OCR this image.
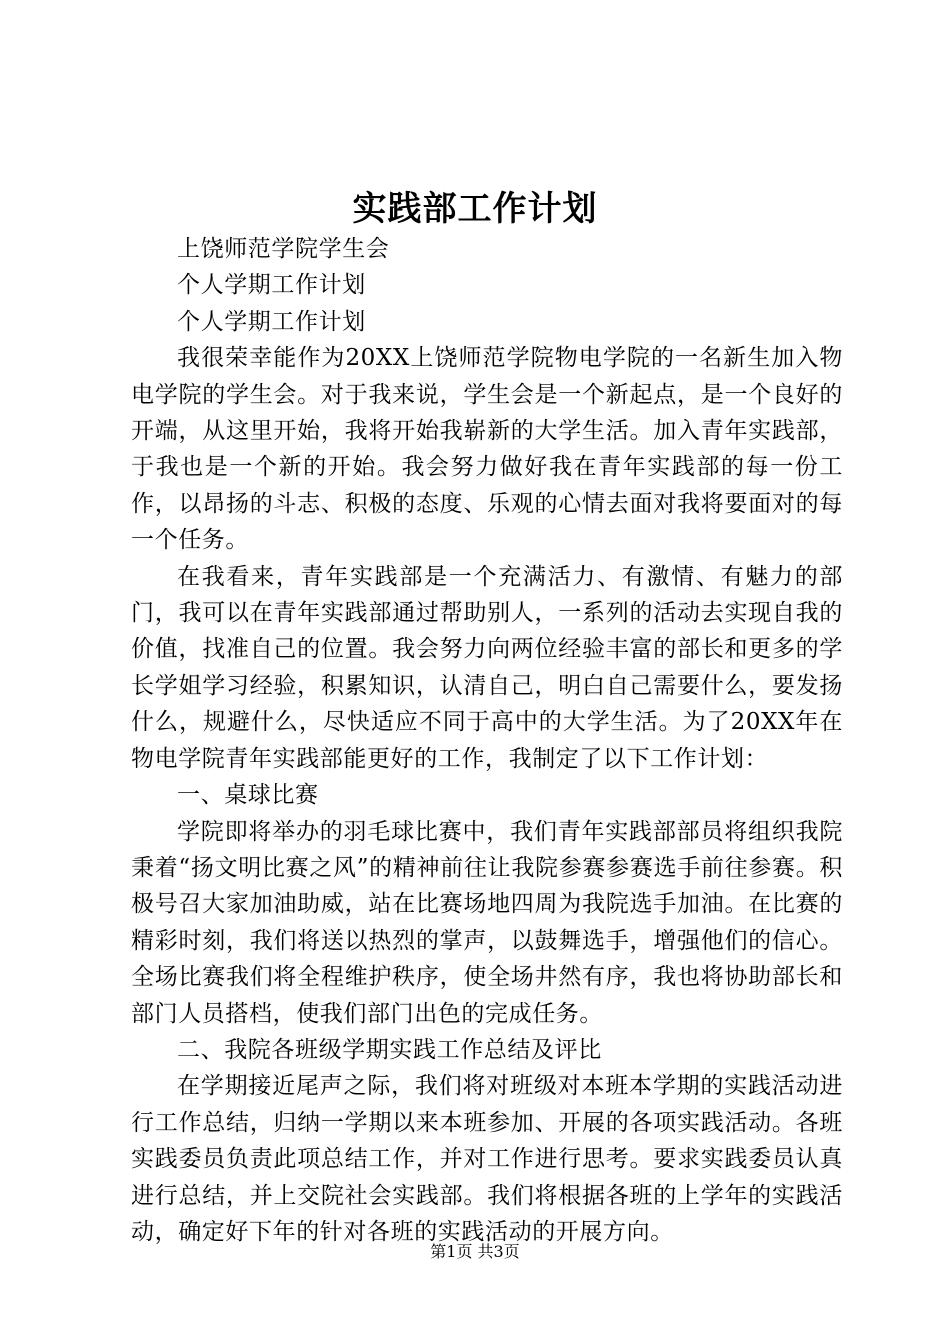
实践部工作计划

上饶师范学院学生会

个人学期工作计划

个人学期工作计划

我很荣幸能作为20XX上饶师范学院物电学院的一名新生加入物电学院的学生会。对于我来说，学生会是一个新起点，是一个良好的开端，从这里开始，我将开始我崭新的大学生活。加入青年实践部，于我也是一个新的开始。我会努力做好我在青年实践部的每一份工作，以昂扬的斗志、积极的态度、乐观的心情去面对我将要面对的每一个任务。

在我看来，青年实践部是一个充满活力、有激情、有魅力的部门，我可以在青年实践部通过帮助别人，一系列的活动去实现自我的价值，找准自己的位置。我会努力向两位经验丰富的部长和更多的学长学姐学习经验，积累知识，认清自己，明白自己需要什么，要发扬什么，规避什么，尽快适应不同于高中的大学生活。为了20XX年在物电学院青年实践部能更好的工作，我制定了以下工作计划：

一、桌球比赛

学院即将举办的羽毛球比赛中，我们青年实践部部员将组织我院秉着“扬文明比赛之风”的精神前往让我院参赛参赛选手前往参赛。积极号召大家加油助威，站在比赛场地四周为我院选手加油。在比赛的精彩时刻，我们将送以热烈的掌声，以鼓舞选手，增强他们的信心。全场比赛我们将全程维护秩序，使全场井然有序，我也将协助部长和部门人员搭档，使我们部门出色的完成任务。

二、我院各班级学期实践工作总结及评比

在学期接近尾声之际，我们将对班级对本班本学期的实践活动进行工作总结，归纳一学期以来本班参加、开展的各项实践活动。各班实践委员负责此项总结工作，并对工作进行思考。要求实践委员认真进行总结，并上交院社会实践部。我们将根据各班的上学年的实践活动，确定好下年的针对各班的实践活动的开展方向。

第1页 共3页
